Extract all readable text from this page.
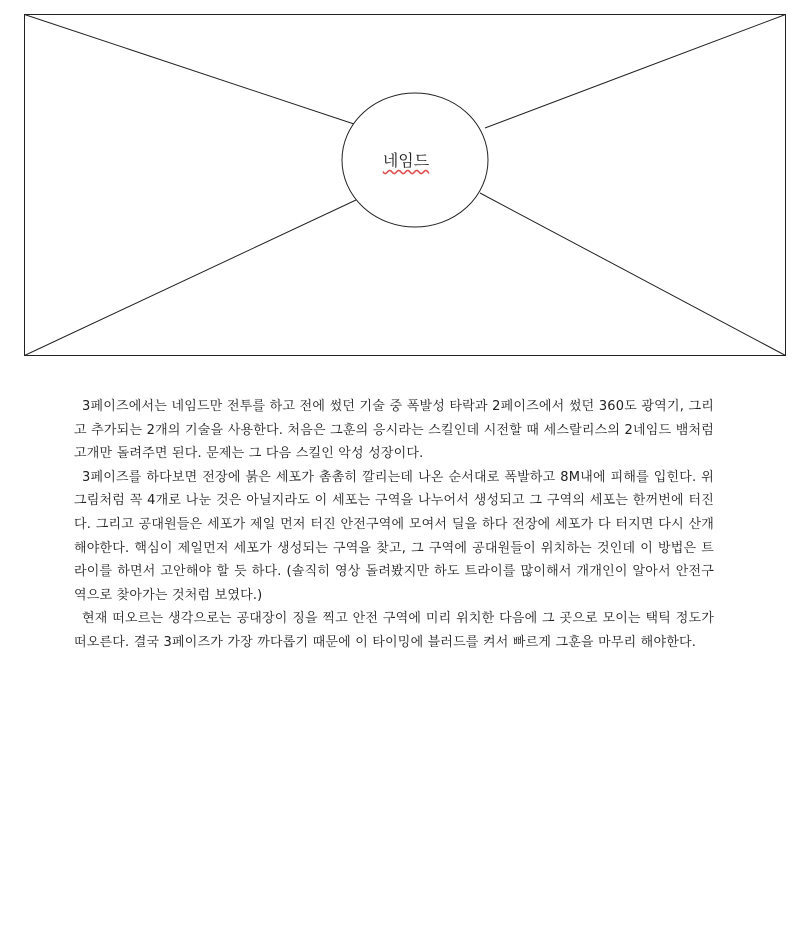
네임드

3페이즈에서는 네임드만 전투를 하고 전에 썼던 기술 중 폭발성 타락과 2페이즈에서 썼던 360도 광역기, 그리고 추가되는 2개의 기술을 사용한다. 처음은 그훈의 응시라는 스킬인데 시전할 때 세스랄리스의 2네임드 뱀처럼 고개만 돌려주면 된다. 문제는 그 다음 스킬인 악성 성장이다.

3페이즈를 하다보면 전장에 붉은 세포가 촘촘히 깔리는데 나온 순서대로 폭발하고 8M내에 피해를 입힌다. 위 그림처럼 꼭 4개로 나눈 것은 아닐지라도 이 세포는 구역을 나누어서 생성되고 그 구역의 세포는 한꺼번에 터진다. 그리고 공대원들은 세포가 제일 먼저 터진 안전구역에 모여서 딜을 하다 전장에 세포가 다 터지면 다시 산개해야한다. 핵심이 제일먼저 세포가 생성되는 구역을 찾고, 그 구역에 공대원들이 위치하는 것인데 이 방법은 트라이를 하면서 고안해야 할 듯 하다. (솔직히 영상 돌려봤지만 하도 트라이를 많이해서 개개인이 알아서 안전구역으로 찾아가는 것처럼 보였다.)

현재 떠오르는 생각으로는 공대장이 징을 찍고 안전 구역에 미리 위치한 다음에 그 곳으로 모이는 택틱 정도가 떠오른다. 결국 3페이즈가 가장 까다롭기 때문에 이 타이밍에 블러드를 켜서 빠르게 그훈을 마무리 해야한다.
